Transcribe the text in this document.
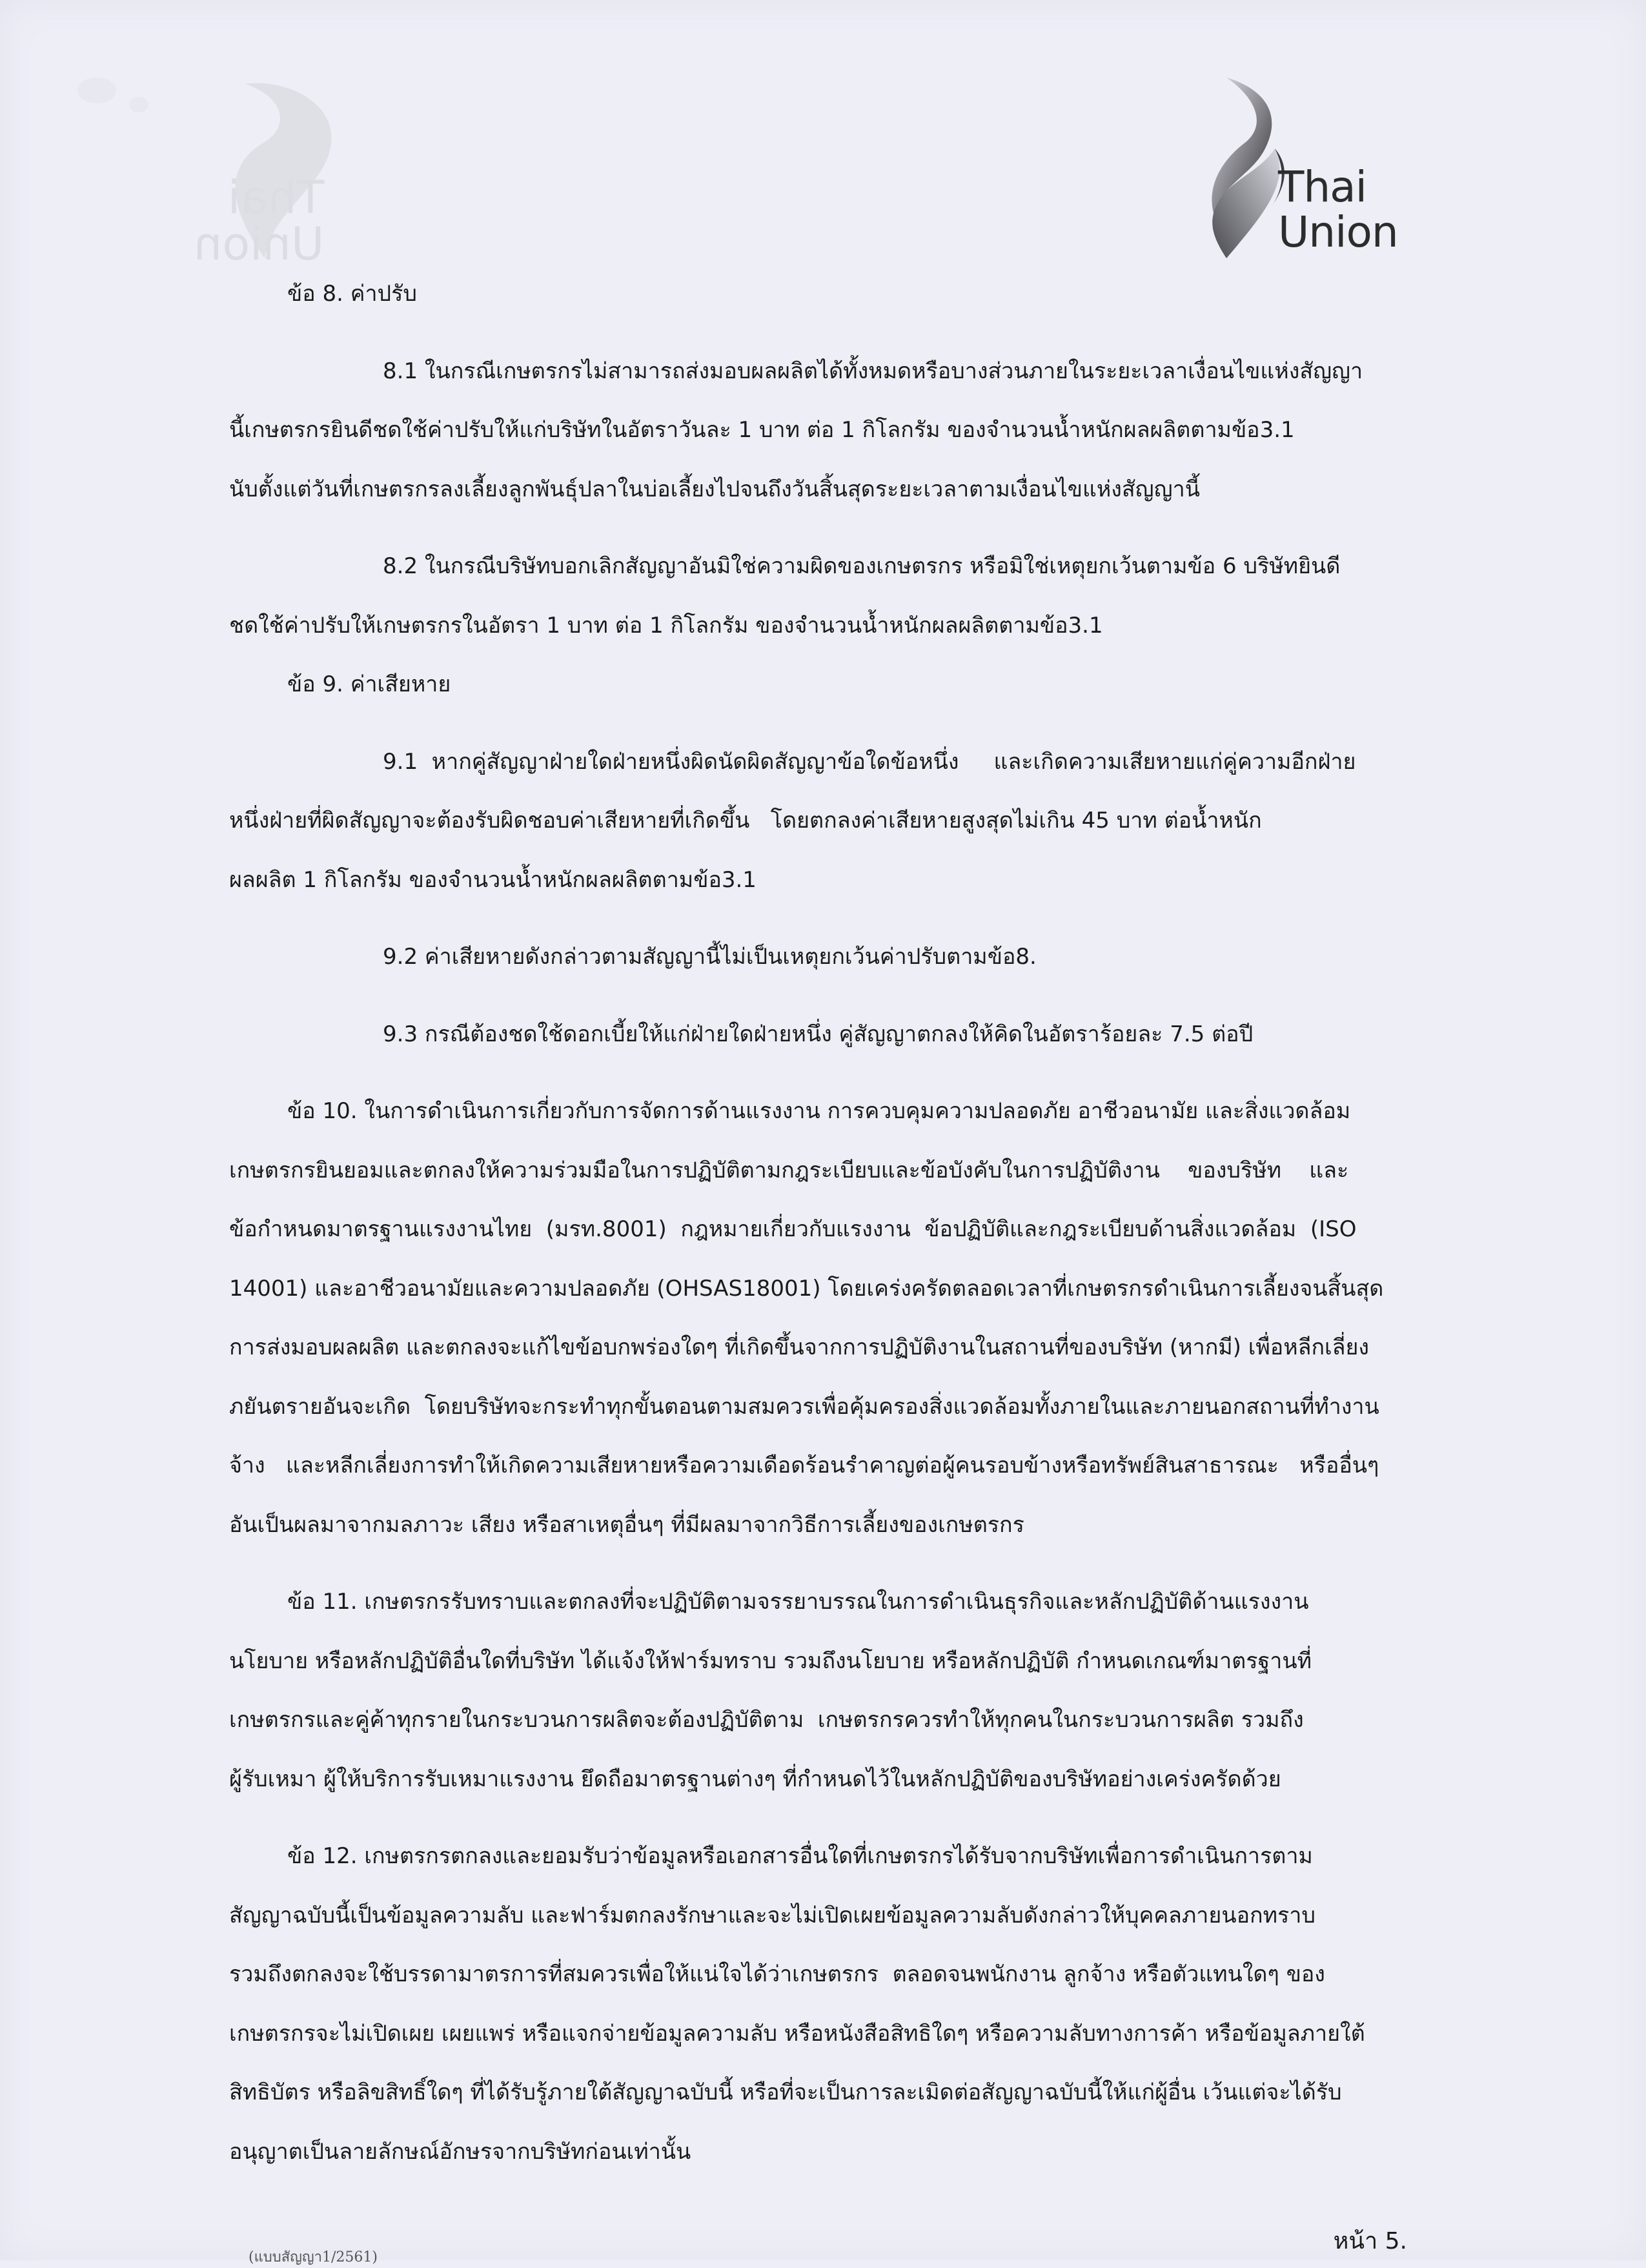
Thai
Union
Thai
Union
ข้อ 8. ค่าปรับ
8.1 ในกรณีเกษตรกรไม่สามารถส่งมอบผลผลิตได้ทั้งหมดหรือบางส่วนภายในระยะเวลาเงื่อนไขแห่งสัญญา
นี้เกษตรกรยินดีชดใช้ค่าปรับให้แก่บริษัทในอัตราวันละ 1 บาท ต่อ 1 กิโลกรัม ของจำนวนน้ำหนักผลผลิตตามข้อ3.1
นับตั้งแต่วันที่เกษตรกรลงเลี้ยงลูกพันธุ์ปลาในบ่อเลี้ยงไปจนถึงวันสิ้นสุดระยะเวลาตามเงื่อนไขแห่งสัญญานี้
8.2 ในกรณีบริษัทบอกเลิกสัญญาอันมิใช่ความผิดของเกษตรกร หรือมิใช่เหตุยกเว้นตามข้อ 6 บริษัทยินดี
ชดใช้ค่าปรับให้เกษตรกรในอัตรา 1 บาท ต่อ 1 กิโลกรัม ของจำนวนน้ำหนักผลผลิตตามข้อ3.1
ข้อ 9. ค่าเสียหาย
9.1  หากคู่สัญญาฝ่ายใดฝ่ายหนึ่งผิดนัดผิดสัญญาข้อใดข้อหนึ่ง     และเกิดความเสียหายแก่คู่ความอีกฝ่าย
หนึ่งฝ่ายที่ผิดสัญญาจะต้องรับผิดชอบค่าเสียหายที่เกิดขึ้น   โดยตกลงค่าเสียหายสูงสุดไม่เกิน 45 บาท ต่อน้ำหนัก
ผลผลิต 1 กิโลกรัม ของจำนวนน้ำหนักผลผลิตตามข้อ3.1
9.2 ค่าเสียหายดังกล่าวตามสัญญานี้ไม่เป็นเหตุยกเว้นค่าปรับตามข้อ8.
9.3 กรณีต้องชดใช้ดอกเบี้ยให้แก่ฝ่ายใดฝ่ายหนึ่ง คู่สัญญาตกลงให้คิดในอัตราร้อยละ 7.5 ต่อปี
ข้อ 10. ในการดำเนินการเกี่ยวกับการจัดการด้านแรงงาน การควบคุมความปลอดภัย อาชีวอนามัย และสิ่งแวดล้อม
เกษตรกรยินยอมและตกลงให้ความร่วมมือในการปฏิบัติตามกฎระเบียบและข้อบังคับในการปฏิบัติงาน    ของบริษัท    และ
ข้อกำหนดมาตรฐานแรงงานไทย  (มรท.8001)  กฎหมายเกี่ยวกับแรงงาน  ข้อปฏิบัติและกฎระเบียบด้านสิ่งแวดล้อม  (ISO
14001) และอาชีวอนามัยและความปลอดภัย (OHSAS18001) โดยเคร่งครัดตลอดเวลาที่เกษตรกรดำเนินการเลี้ยงจนสิ้นสุด
การส่งมอบผลผลิต และตกลงจะแก้ไขข้อบกพร่องใดๆ ที่เกิดขึ้นจากการปฏิบัติงานในสถานที่ของบริษัท (หากมี) เพื่อหลีกเลี่ยง
ภยันตรายอันจะเกิด  โดยบริษัทจะกระทำทุกขั้นตอนตามสมควรเพื่อคุ้มครองสิ่งแวดล้อมทั้งภายในและภายนอกสถานที่ทำงาน
จ้าง   และหลีกเลี่ยงการทำให้เกิดความเสียหายหรือความเดือดร้อนรำคาญต่อผู้คนรอบข้างหรือทรัพย์สินสาธารณะ   หรืออื่นๆ
อันเป็นผลมาจากมลภาวะ เสียง หรือสาเหตุอื่นๆ ที่มีผลมาจากวิธีการเลี้ยงของเกษตรกร
ข้อ 11. เกษตรกรรับทราบและตกลงที่จะปฏิบัติตามจรรยาบรรณในการดำเนินธุรกิจและหลักปฏิบัติด้านแรงงาน
นโยบาย หรือหลักปฏิบัติอื่นใดที่บริษัท ได้แจ้งให้ฟาร์มทราบ รวมถึงนโยบาย หรือหลักปฏิบัติ กำหนดเกณฑ์มาตรฐานที่
เกษตรกรและคู่ค้าทุกรายในกระบวนการผลิตจะต้องปฏิบัติตาม  เกษตรกรควรทำให้ทุกคนในกระบวนการผลิต รวมถึง
ผู้รับเหมา ผู้ให้บริการรับเหมาแรงงาน ยึดถือมาตรฐานต่างๆ ที่กำหนดไว้ในหลักปฏิบัติของบริษัทอย่างเคร่งครัดด้วย
ข้อ 12. เกษตรกรตกลงและยอมรับว่าข้อมูลหรือเอกสารอื่นใดที่เกษตรกรได้รับจากบริษัทเพื่อการดำเนินการตาม
สัญญาฉบับนี้เป็นข้อมูลความลับ และฟาร์มตกลงรักษาและจะไม่เปิดเผยข้อมูลความลับดังกล่าวให้บุคคลภายนอกทราบ
รวมถึงตกลงจะใช้บรรดามาตรการที่สมควรเพื่อให้แน่ใจได้ว่าเกษตรกร  ตลอดจนพนักงาน ลูกจ้าง หรือตัวแทนใดๆ ของ
เกษตรกรจะไม่เปิดเผย เผยแพร่ หรือแจกจ่ายข้อมูลความลับ หรือหนังสือสิทธิใดๆ หรือความลับทางการค้า หรือข้อมูลภายใต้
สิทธิบัตร หรือลิขสิทธิ์ใดๆ ที่ได้รับรู้ภายใต้สัญญาฉบับนี้ หรือที่จะเป็นการละเมิดต่อสัญญาฉบับนี้ให้แก่ผู้อื่น เว้นแต่จะได้รับ
อนุญาตเป็นลายลักษณ์อักษรจากบริษัทก่อนเท่านั้น
หน้า 5.
(แบบสัญญา1/2561)
